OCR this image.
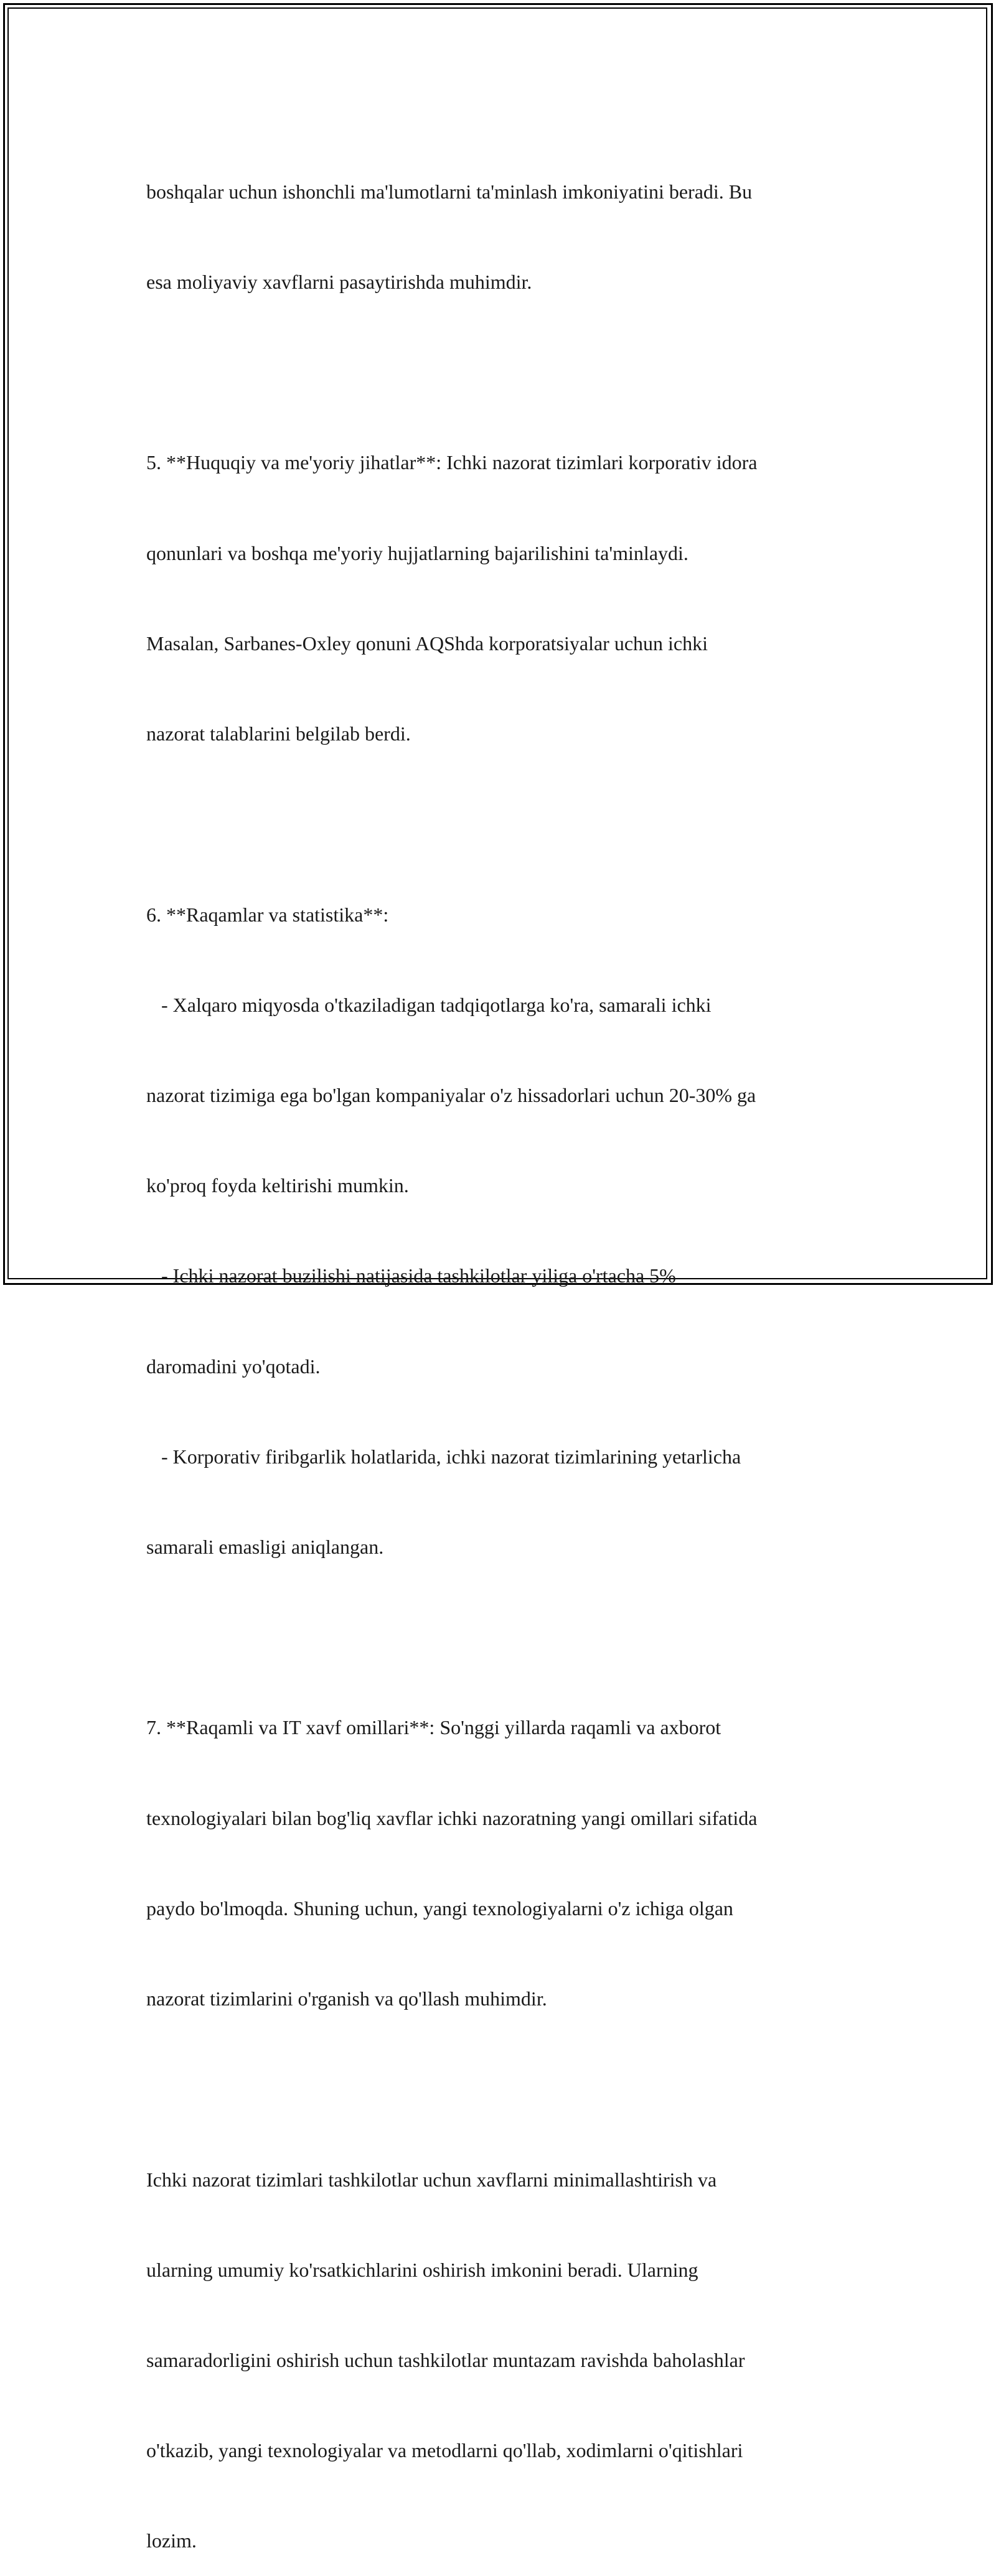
boshqalar uchun ishonchli ma'lumotlarni ta'minlash imkoniyatini beradi. Bu

esa moliyaviy xavflarni pasaytirishda muhimdir.

5. **Huquqiy va me'yoriy jihatlar**: Ichki nazorat tizimlari korporativ idora

qonunlari va boshqa me'yoriy hujjatlarning bajarilishini ta'minlaydi.

Masalan, Sarbanes-Oxley qonuni AQShda korporatsiyalar uchun ichki

nazorat talablarini belgilab berdi.

6. **Raqamlar va statistika**:

- Xalqaro miqyosda o'tkaziladigan tadqiqotlarga ko'ra, samarali ichki

nazorat tizimiga ega bo'lgan kompaniyalar o'z hissadorlari uchun 20-30% ga

ko'proq foyda keltirishi mumkin.

- Ichki nazorat buzilishi natijasida tashkilotlar yiliga o'rtacha 5%

daromadini yo'qotadi.

- Korporativ firibgarlik holatlarida, ichki nazorat tizimlarining yetarlicha

samarali emasligi aniqlangan.

7. **Raqamli va IT xavf omillari**: So'nggi yillarda raqamli va axborot

texnologiyalari bilan bog'liq xavflar ichki nazoratning yangi omillari sifatida

paydo bo'lmoqda. Shuning uchun, yangi texnologiyalarni o'z ichiga olgan

nazorat tizimlarini o'rganish va qo'llash muhimdir.

Ichki nazorat tizimlari tashkilotlar uchun xavflarni minimallashtirish va

ularning umumiy ko'rsatkichlarini oshirish imkonini beradi. Ularning

samaradorligini oshirish uchun tashkilotlar muntazam ravishda baholashlar

o'tkazib, yangi texnologiyalar va metodlarni qo'llab, xodimlarni o'qitishlari

lozim.
